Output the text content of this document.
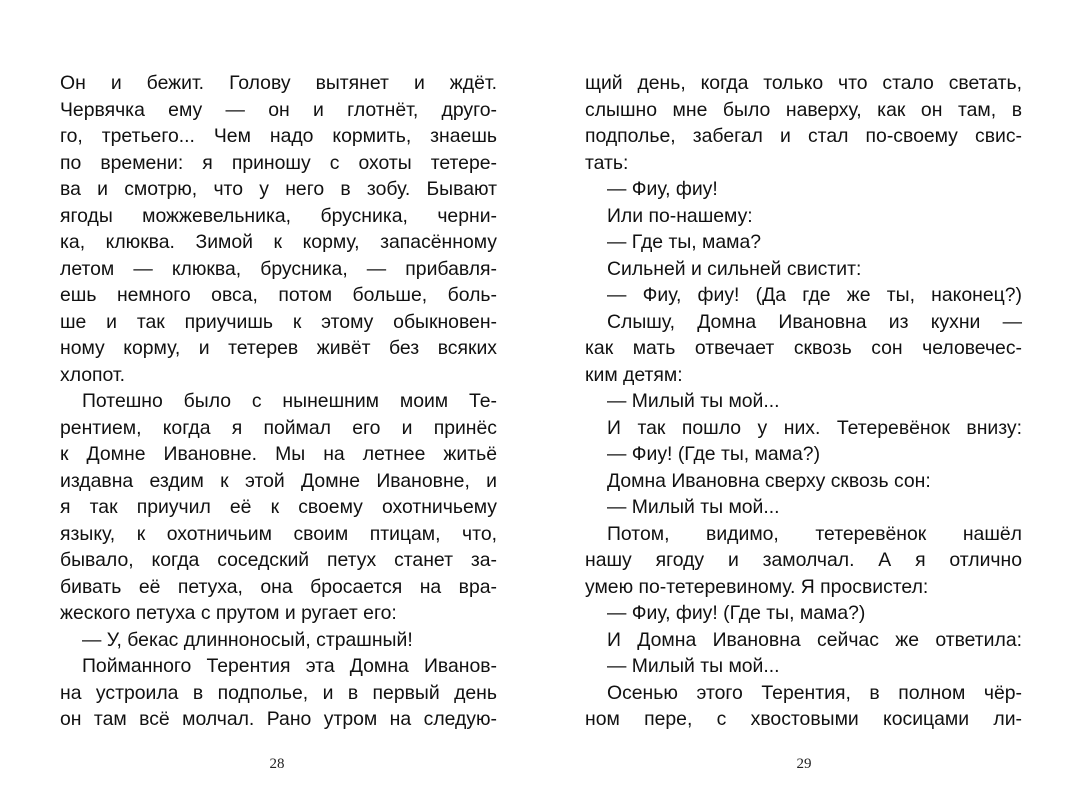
Он и бежит. Голову вытянет и ждёт.
Червячка ему — он и глотнёт, друго-
го, третьего... Чем надо кормить, знаешь
по времени: я приношу с охоты тетере-
ва и смотрю, что у него в зобу. Бывают
ягоды можжевельника, брусника, черни-
ка, клюква. Зимой к корму, запасённому
летом — клюква, брусника, — прибавля-
ешь немного овса, потом больше, боль-
ше и так приучишь к этому обыкновен-
ному корму, и тетерев живёт без всяких
хлопот.
Потешно было с нынешним моим Те-
рентием, когда я поймал его и принёс
к Домне Ивановне. Мы на летнее житьё
издавна ездим к этой Домне Ивановне, и
я так приучил её к своему охотничьему
языку, к охотничьим своим птицам, что,
бывало, когда соседский петух станет за-
бивать её петуха, она бросается на вра-
жеского петуха с прутом и ругает его:
— У, бекас длинноносый, страшный!
Пойманного Терентия эта Домна Иванов-
на устроила в подполье, и в первый день
он там всё молчал. Рано утром на следую-
щий день, когда только что стало светать,
слышно мне было наверху, как он там, в
подполье, забегал и стал по-своему свис-
тать:
— Фиу, фиу!
Или по-нашему:
— Где ты, мама?
Сильней и сильней свистит:
— Фиу, фиу! (Да где же ты, наконец?)
Слышу, Домна Ивановна из кухни —
как мать отвечает сквозь сон человечес-
ким детям:
— Милый ты мой...
И так пошло у них. Тетеревёнок внизу:
— Фиу! (Где ты, мама?)
Домна Ивановна сверху сквозь сон:
— Милый ты мой...
Потом, видимо, тетеревёнок нашёл
нашу ягоду и замолчал. А я отлично
умею по-тетеревиному. Я просвистел:
— Фиу, фиу! (Где ты, мама?)
И Домна Ивановна сейчас же ответила:
— Милый ты мой...
Осенью этого Терентия, в полном чёр-
ном пере, с хвостовыми косицами ли-
28	29
